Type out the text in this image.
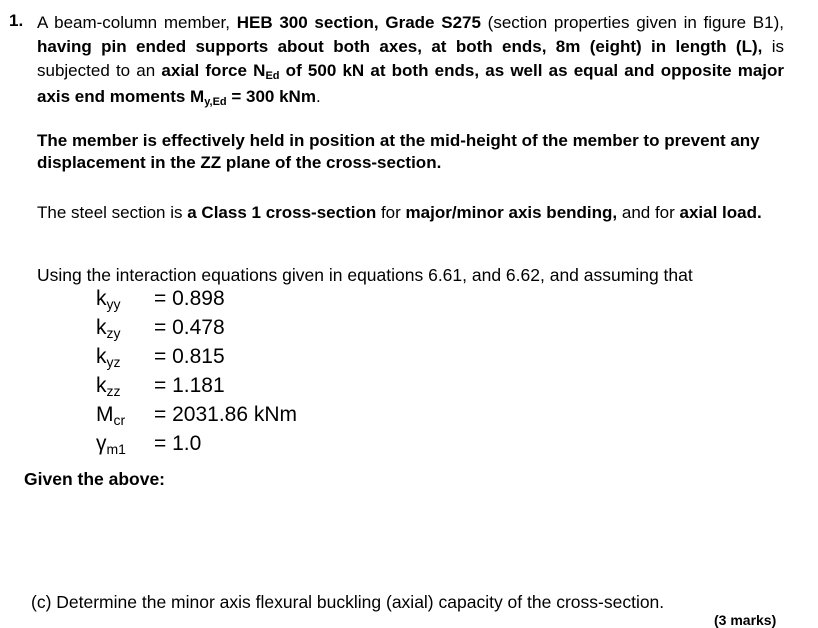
1. A beam-column member, HEB 300 section, Grade S275 (section properties given in figure B1), having pin ended supports about both axes, at both ends, 8m (eight) in length (L), is subjected to an axial force NEd of 500 kN at both ends, as well as equal and opposite major axis end moments My,Ed = 300 kNm.
The member is effectively held in position at the mid-height of the member to prevent any displacement in the ZZ plane of the cross-section.
The steel section is a Class 1 cross-section for major/minor axis bending, and for axial load.
Using the interaction equations given in equations 6.61, and 6.62, and assuming that
kyy	= 0.898
kzy	= 0.478
kyz	= 0.815
kzz	= 1.181
Mcr	= 2031.86 kNm
γm1	= 1.0
Given the above:
(c) Determine the minor axis flexural buckling (axial) capacity of the cross-section.
(3 marks)
